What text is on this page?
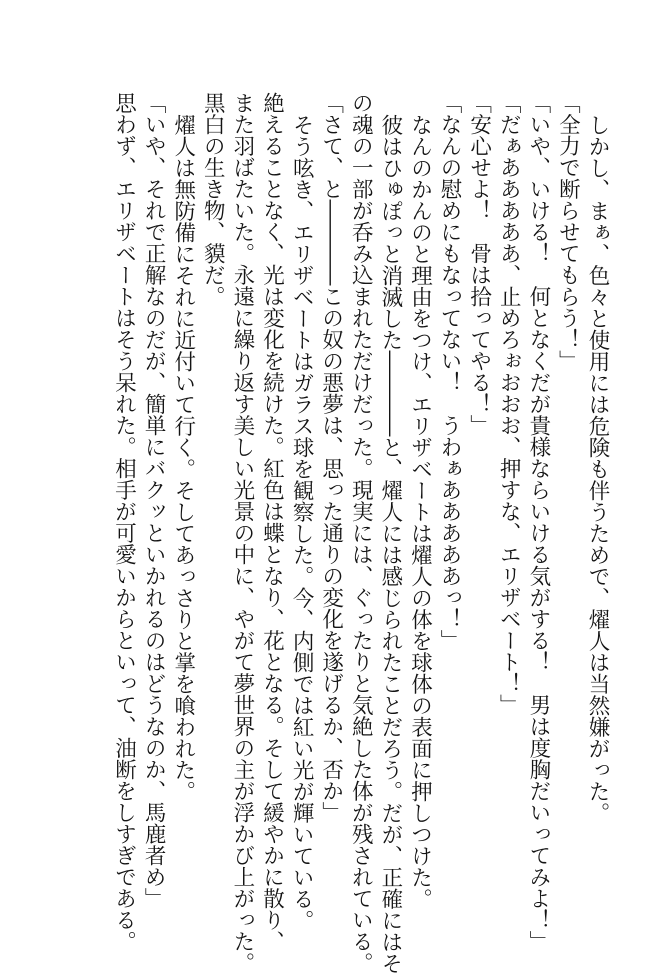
しかし、まぁ、色々と使用には危険も伴うためで、燿人は当然嫌がった。

「全力で断らせてもらう！」

「いや、いける！　何となくだが貴様ならいける気がする！　男は度胸だいってみよ！」

「だぁあああああ、止めろぉおおお、押すな、エリザベート！」

「安心せよ！　骨は拾ってやる！」

「なんの慰めにもなってない！　うわぁあああああっ！」

なんのかんのと理由をつけ、エリザベートは燿人の体を球体の表面に押しつけた。

彼はひゅぽっと消滅した――――と、燿人には感じられたことだろう。だが、正確にはそ

の魂の一部が呑み込まれただけだった。現実には、ぐったりと気絶した体が残されている。

「さて、と――――この奴の悪夢は、思った通りの変化を遂げるか、否か」

そう呟き、エリザベートはガラス球を観察した。今、内側では紅い光が輝いている。

絶えることなく、光は変化を続けた。紅色は蝶となり、花となる。そして緩やかに散り、

また羽ばたいた。永遠に繰り返す美しい光景の中に、やがて夢世界の主が浮かび上がった。

黒白の生き物、貘だ。

燿人は無防備にそれに近付いて行く。そしてあっさりと掌を喰われた。

「いや、それで正解なのだが、簡単にバクッといかれるのはどうなのか、馬鹿者め」

思わず、エリザベートはそう呆れた。相手が可愛いからといって、油断をしすぎである。
